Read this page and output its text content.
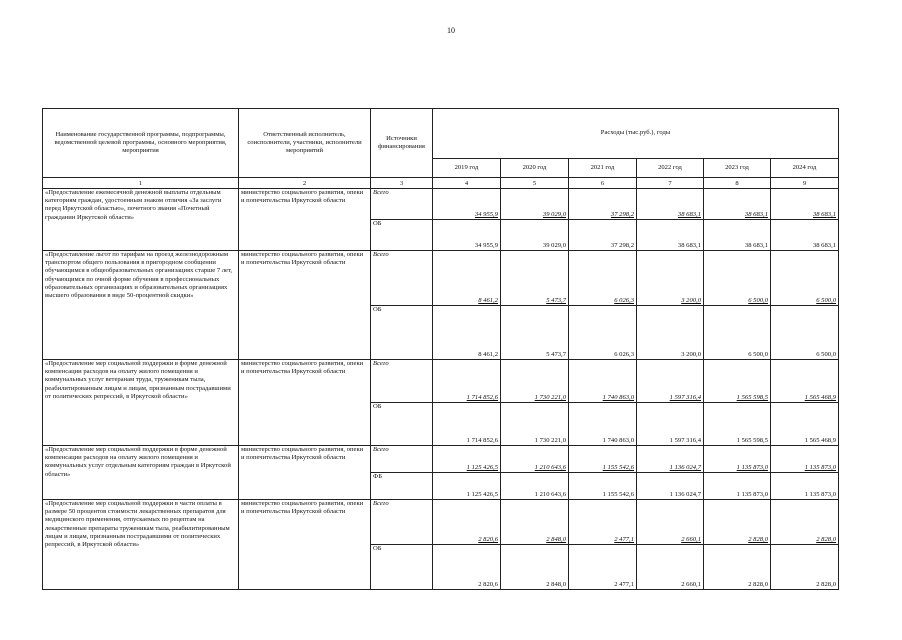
10
Наименование государственной программы, подпрограммы, ведомственной целевой программы, основного мероприятия, мероприятия	Ответственный исполнитель, соисполнители, участники, исполнители мероприятий	Источники финансирования	Расходы (тыс.руб.), годы					
			2019 год	2020 год	2021 год	2022 год	2023 год	2024 год
1	2	3	4	5	6	7	8	9
«Предоставление ежемесячной денежной выплаты отдельным категориям граждан, удостоенным знаком отличия «За заслуги перед Иркутской областью», почетного звания «Почетный гражданин Иркутской области»	министерство социального развития, опеки и попечительства Иркутской области	Всего	34 955,9	39 029,0	37 298,2	38 683,1	38 683,1	38 683,1
		ОБ	34 955,9	39 029,0	37 298,2	38 683,1	38 683,1	38 683,1
«Предоставление льгот по тарифам на проезд железнодорожным транспортом общего пользования в пригородном сообщении обучающимся в общеобразовательных организациях старше 7 лет, обучающимся по очной форме обучения в профессиональных образовательных организациях и образовательных организациях высшего образования в виде 50-процентной скидки»	министерство социального развития, опеки и попечительства Иркутской области	Всего	8 461,2	5 473,7	6 026,3	3 200,0	6 500,0	6 500,0
		ОБ	8 461,2	5 473,7	6 026,3	3 200,0	6 500,0	6 500,0
«Предоставление мер социальной поддержки в форме денежной компенсации расходов на оплату жилого помещения и коммунальных услуг ветеранам труда, труженикам тыла, реабилитированным лицам и лицам, признанным пострадавшими от политических репрессий, в Иркутской области»	министерство социального развития, опеки и попечительства Иркутской области	Всего	1 714 852,6	1 730 221,0	1 740 863,0	1 597 316,4	1 565 598,5	1 565 468,9
		ОБ	1 714 852,6	1 730 221,0	1 740 863,0	1 597 316,4	1 565 598,5	1 565 468,9
«Предоставление мер социальной поддержки в форме денежной компенсации расходов на оплату жилого помещения и коммунальных услуг отдельным категориям граждан в Иркутской области»	министерство социального развития, опеки и попечительства Иркутской области	Всего	1 125 426,5	1 210 643,6	1 155 542,6	1 136 024,7	1 135 873,0	1 135 873,0
		ФБ	1 125 426,5	1 210 643,6	1 155 542,6	1 136 024,7	1 135 873,0	1 135 873,0
«Предоставление мер социальной поддержки в части оплаты в размере 50 процентов стоимости лекарственных препаратов для медицинского применения, отпускаемых по рецептам на лекарственные препараты труженикам тыла, реабилитированным лицам и лицам, признанным пострадавшими от политических репрессий, в Иркутской области»	министерство социального развития, опеки и попечительства Иркутской области	Всего	2 820,6	2 848,0	2 477,1	2 660,1	2 828,0	2 828,0
		ОБ	2 820,6	2 848,0	2 477,1	2 660,1	2 828,0	2 828,0
